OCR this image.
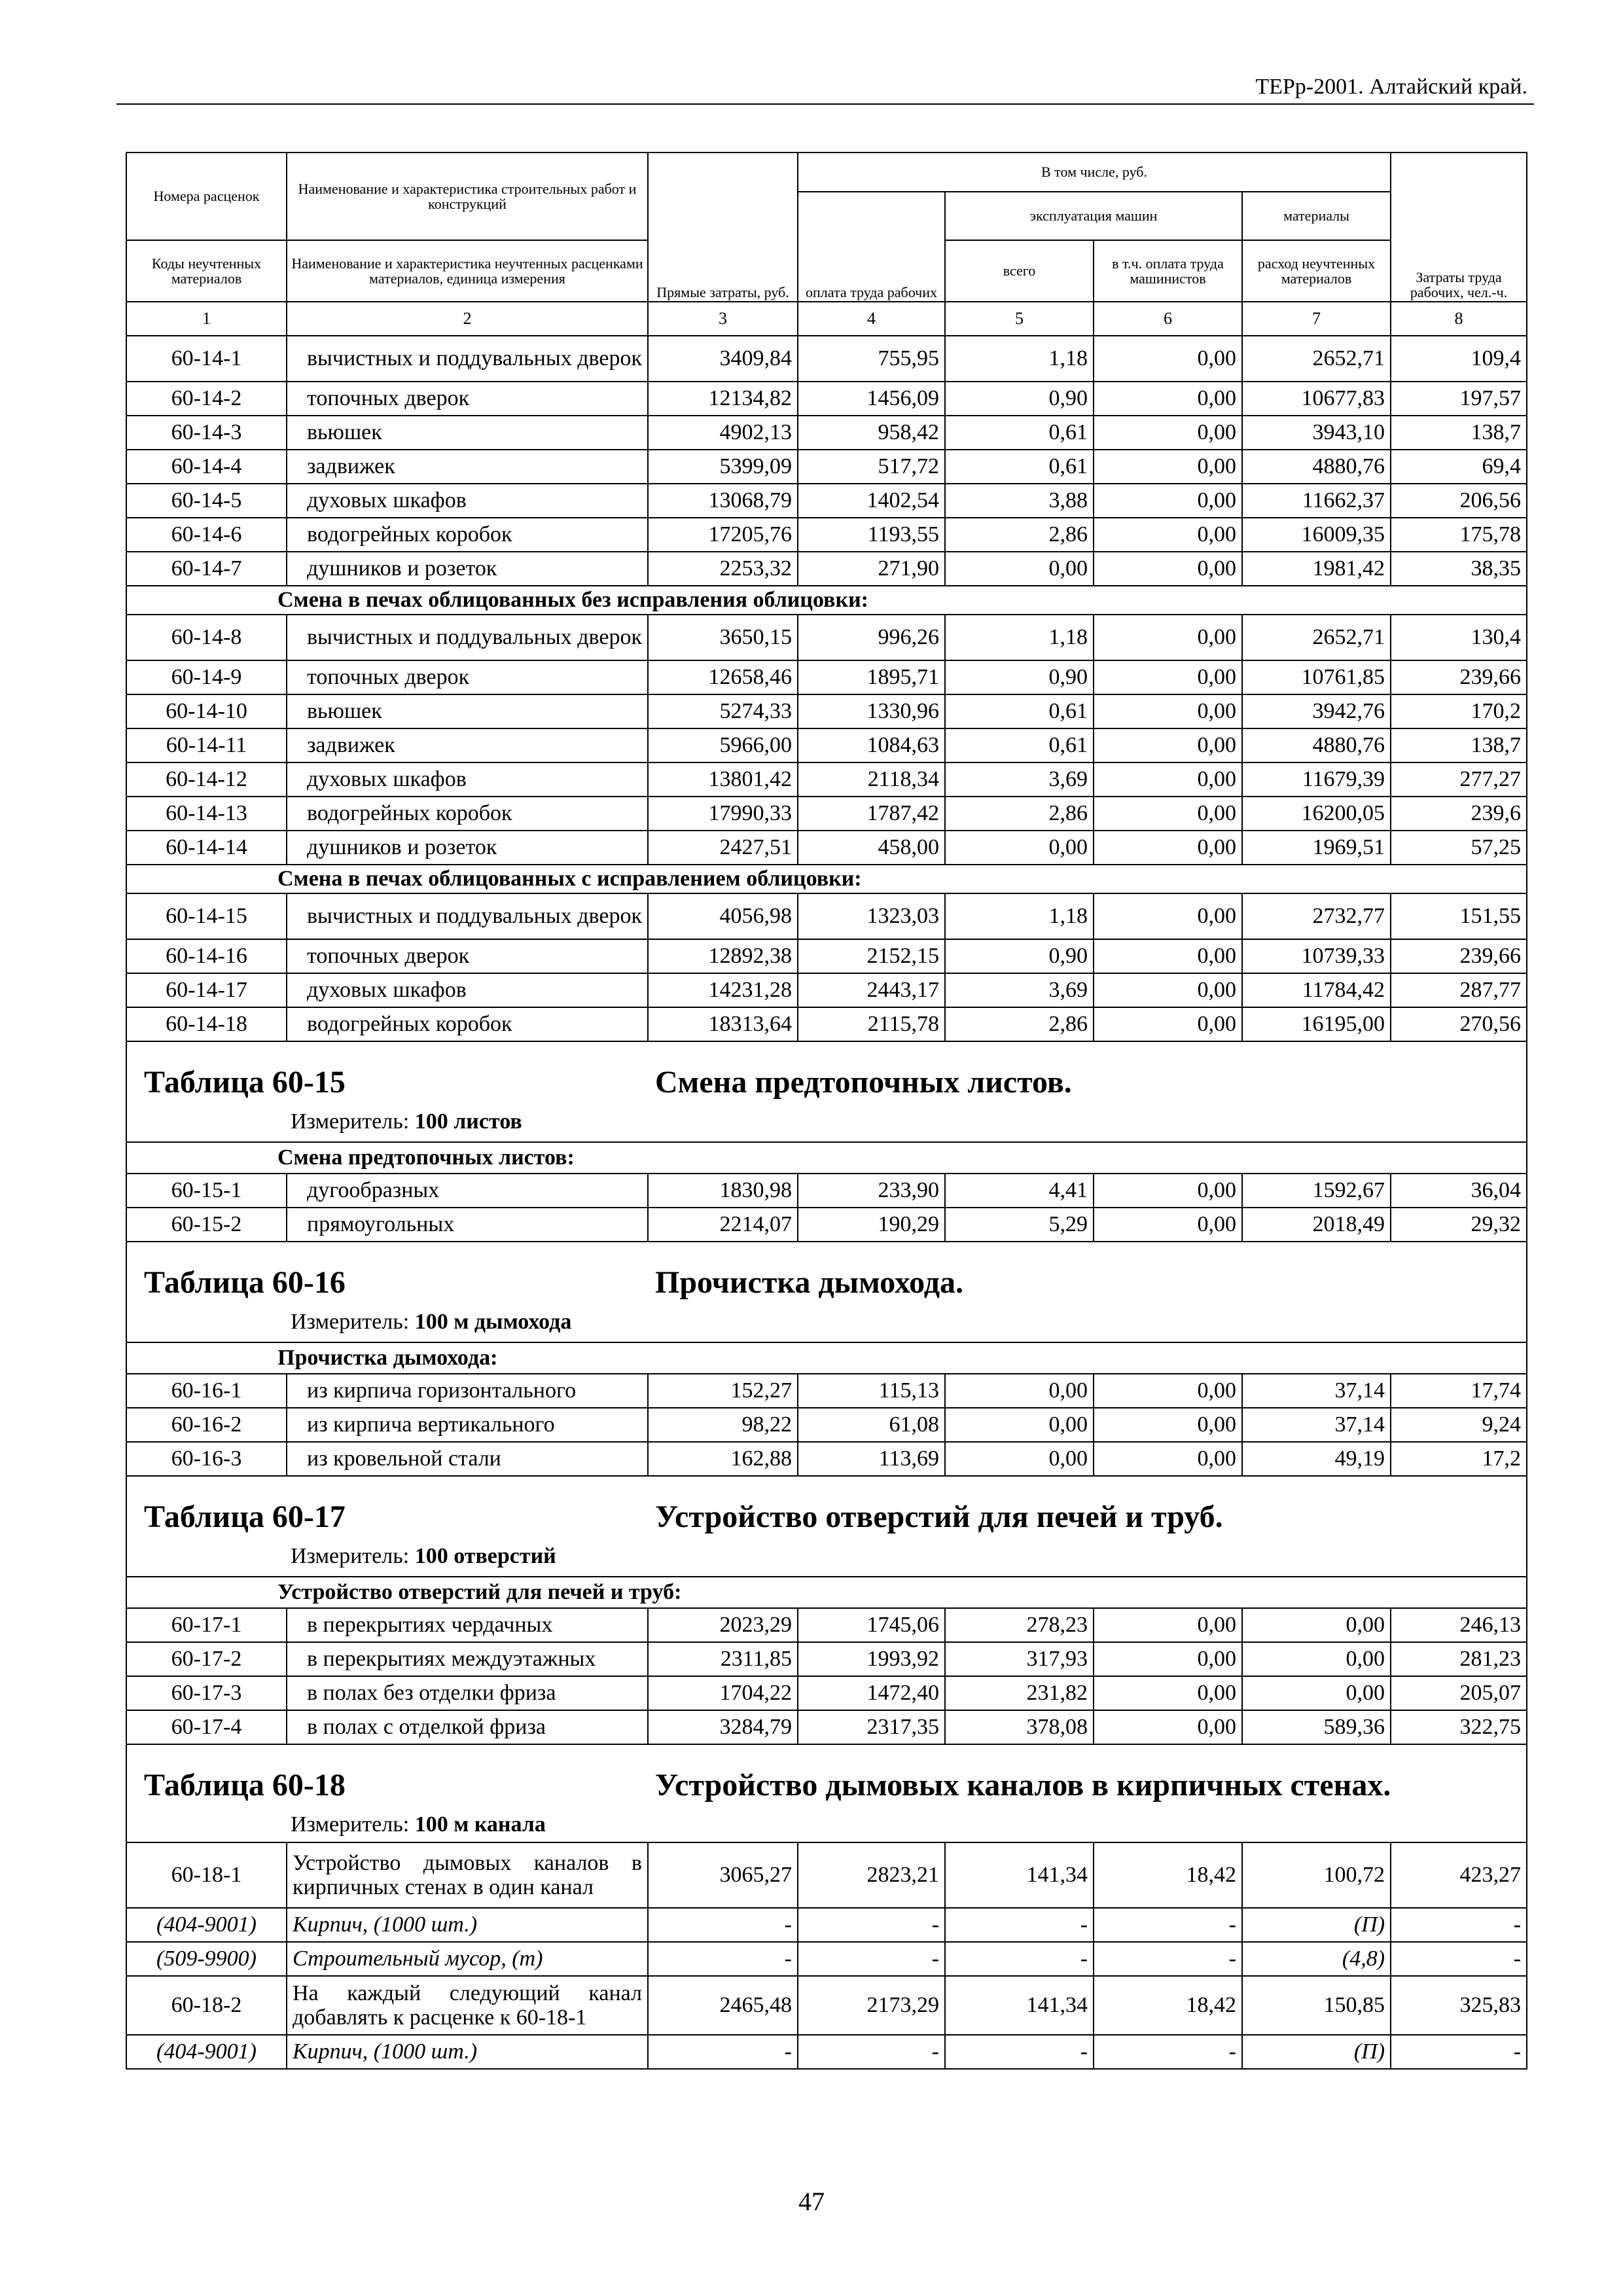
ТЕРр-2001. Алтайский край.
Номера расценок	Наименование и характеристика строительных работ и конструкций	Прямые затраты, руб.	В том числе, руб.				Затраты труда рабочих, чел.-ч.
			оплата труда рабочих	эксплуатация машин		материалы	
Коды неучтенных материалов	Наименование и характеристика неучтенных расценками материалов, единица измерения			всего	в т.ч. оплата труда машинистов	расход неучтенных материалов	
1	2	3	4	5	6	7	8
60-14-1	вычистных и поддувальных дверок	3409,84	755,95	1,18	0,00	2652,71	109,4
60-14-2	топочных дверок	12134,82	1456,09	0,90	0,00	10677,83	197,57
60-14-3	вьюшек	4902,13	958,42	0,61	0,00	3943,10	138,7
60-14-4	задвижек	5399,09	517,72	0,61	0,00	4880,76	69,4
60-14-5	духовых шкафов	13068,79	1402,54	3,88	0,00	11662,37	206,56
60-14-6	водогрейных коробок	17205,76	1193,55	2,86	0,00	16009,35	175,78
60-14-7	душников и розеток	2253,32	271,90	0,00	0,00	1981,42	38,35
Смена в печах облицованных без исправления облицовки:							
60-14-8	вычистных и поддувальных дверок	3650,15	996,26	1,18	0,00	2652,71	130,4
60-14-9	топочных дверок	12658,46	1895,71	0,90	0,00	10761,85	239,66
60-14-10	вьюшек	5274,33	1330,96	0,61	0,00	3942,76	170,2
60-14-11	задвижек	5966,00	1084,63	0,61	0,00	4880,76	138,7
60-14-12	духовых шкафов	13801,42	2118,34	3,69	0,00	11679,39	277,27
60-14-13	водогрейных коробок	17990,33	1787,42	2,86	0,00	16200,05	239,6
60-14-14	душников и розеток	2427,51	458,00	0,00	0,00	1969,51	57,25
Смена в печах облицованных с исправлением облицовки:							
60-14-15	вычистных и поддувальных дверок	4056,98	1323,03	1,18	0,00	2732,77	151,55
60-14-16	топочных дверок	12892,38	2152,15	0,90	0,00	10739,33	239,66
60-14-17	духовых шкафов	14231,28	2443,17	3,69	0,00	11784,42	287,77
60-14-18	водогрейных коробок	18313,64	2115,78	2,86	0,00	16195,00	270,56

Таблица 60-15 Смена предтопочных листов.
Измеритель: 100 листов							

Смена предтопочных листов:							
60-15-1	дугообразных	1830,98	233,90	4,41	0,00	1592,67	36,04
60-15-2	прямоугольных	2214,07	190,29	5,29	0,00	2018,49	29,32

Таблица 60-16 Прочистка дымохода.
Измеритель: 100 м дымохода							

Прочистка дымохода:							
60-16-1	из кирпича горизонтального	152,27	115,13	0,00	0,00	37,14	17,74
60-16-2	из кирпича вертикального	98,22	61,08	0,00	0,00	37,14	9,24
60-16-3	из кровельной стали	162,88	113,69	0,00	0,00	49,19	17,2

Таблица 60-17 Устройство отверстий для печей и труб.
Измеритель: 100 отверстий							

Устройство отверстий для печей и труб:							
60-17-1	в перекрытиях чердачных	2023,29	1745,06	278,23	0,00	0,00	246,13
60-17-2	в перекрытиях междуэтажных	2311,85	1993,92	317,93	0,00	0,00	281,23
60-17-3	в полах без отделки фриза	1704,22	1472,40	231,82	0,00	0,00	205,07
60-17-4	в полах с отделкой фриза	3284,79	2317,35	378,08	0,00	589,36	322,75

Таблица 60-18 Устройство дымовых каналов в кирпичных стенах.
Измеритель: 100 м канала							

60-18-1	Устройство дымовых каналов в кирпичных стенах в один канал	3065,27	2823,21	141,34	18,42	100,72	423,27
(404-9001)	Кирпич, (1000 шт.)	-	-	-	-	(П)	-
(509-9900)	Строительный мусор, (т)	-	-	-	-	(4,8)	-
60-18-2	На каждый следующий канал добавлять к расценке к 60-18-1	2465,48	2173,29	141,34	18,42	150,85	325,83
(404-9001)	Кирпич, (1000 шт.)	-	-	-	-	(П)	-
47
